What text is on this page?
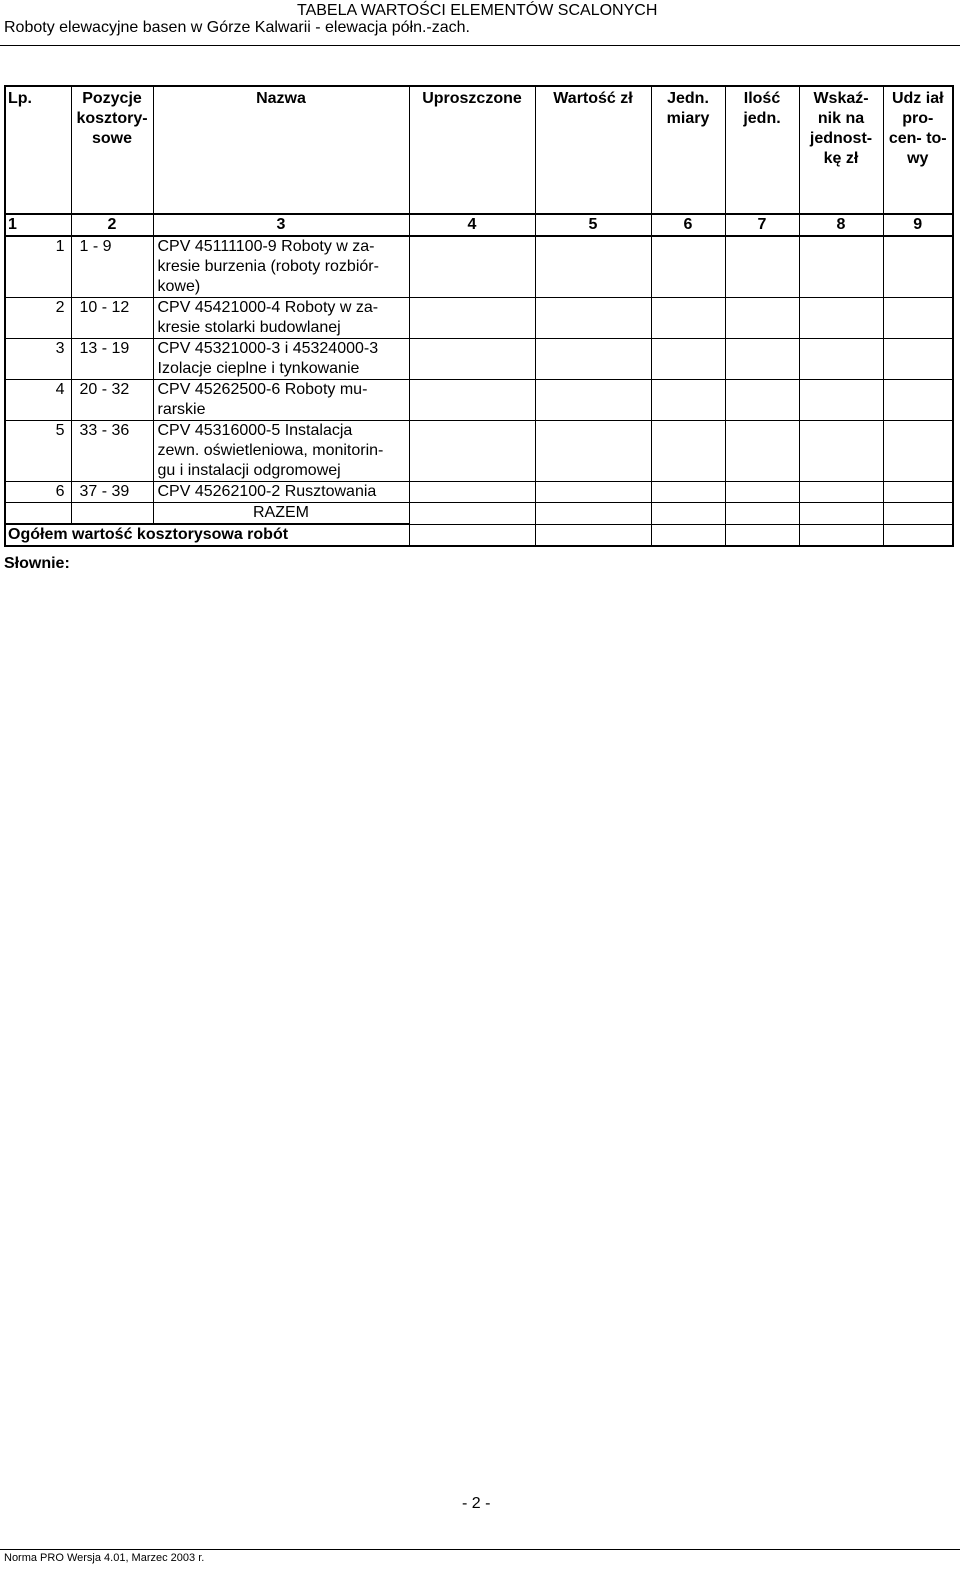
TABELA WARTOŚCI ELEMENTÓW SCALONYCH
Roboty elewacyjne basen w Górze Kalwarii - elewacja półn.-zach.
Lp.	Pozycje kosztory- sowe	Nazwa	Uproszczone	Wartość zł	Jedn. miary	Ilość jedn.	Wskaź- nik na jednost- kę zł	Udz iał pro- cen- to- wy
1	2	3	4	5	6	7	8	9
1	1 - 9	CPV 45111100-9 Roboty w za-
kresie burzenia (roboty rozbiór-
kowe)						

2	10 - 12	CPV 45421000-4 Roboty w za-
kresie stolarki budowlanej						

3	13 - 19	CPV 45321000-3 i 45324000-3
Izolacje cieplne i tynkowanie						

4	20 - 32	CPV 45262500-6 Roboty mu-
rarskie						

5	33 - 36	CPV 45316000-5 Instalacja
zewn. oświetleniowa, monitorin-
gu i instalacji odgromowej						

6	37 - 39	CPV 45262100-2 Rusztowania						

		RAZEM						
Ogółem wartość kosztorysowa robót								
Słownie:
- 2 -
Norma PRO Wersja 4.01, Marzec 2003 r.
